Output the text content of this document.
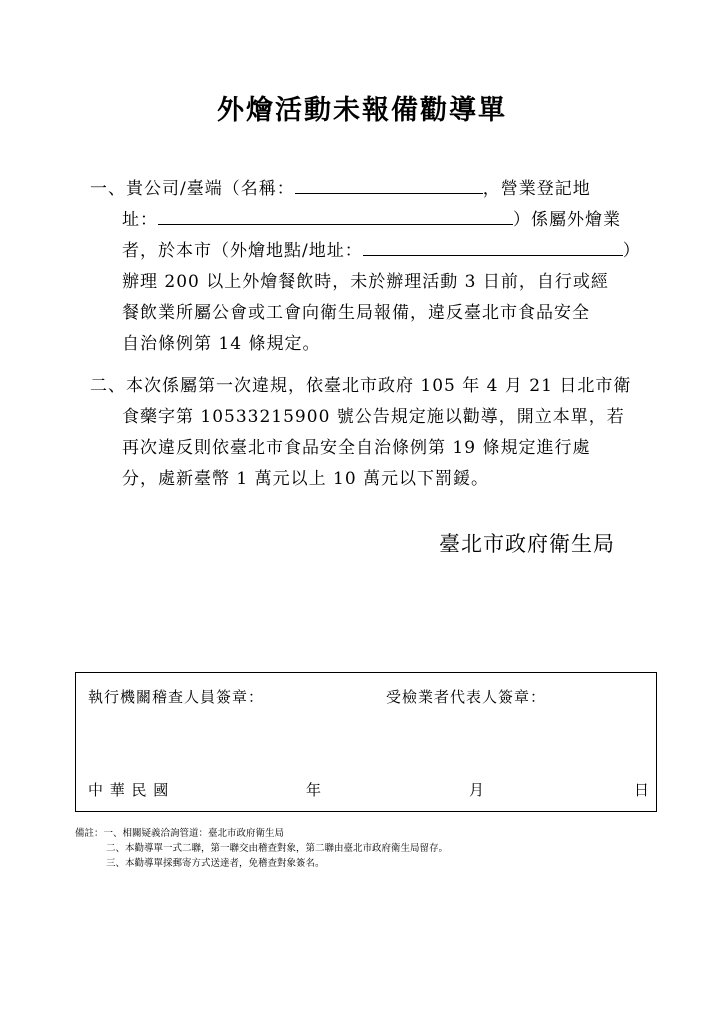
外燴活動未報備勸導單
一、貴公司/臺端（名稱：	，營業登記地
址：	）係屬外燴業
者，於本市（外燴地點/地址：	）
辦理 200 以上外燴餐飲時，未於辦理活動 3 日前，自行或經
餐飲業所屬公會或工會向衛生局報備，違反臺北市食品安全
自治條例第 14 條規定。
二、本次係屬第一次違規，依臺北市政府 105 年 4 月 21 日北市衛
食藥字第 10533215900 號公告規定施以勸導，開立本單，若
再次違反則依臺北市食品安全自治條例第 19 條規定進行處
分，處新臺幣 1 萬元以上 10 萬元以下罰鍰。
臺北市政府衛生局
執行機關稽查人員簽章：	受檢業者代表人簽章：
中 華 民 國	年	月	日
備註：一、相關疑義洽詢管道：臺北市政府衛生局
二、本勸導單一式二聯，第一聯交由稽查對象，第二聯由臺北市政府衛生局留存。
三、本勸導單採郵寄方式送達者，免稽查對象簽名。
